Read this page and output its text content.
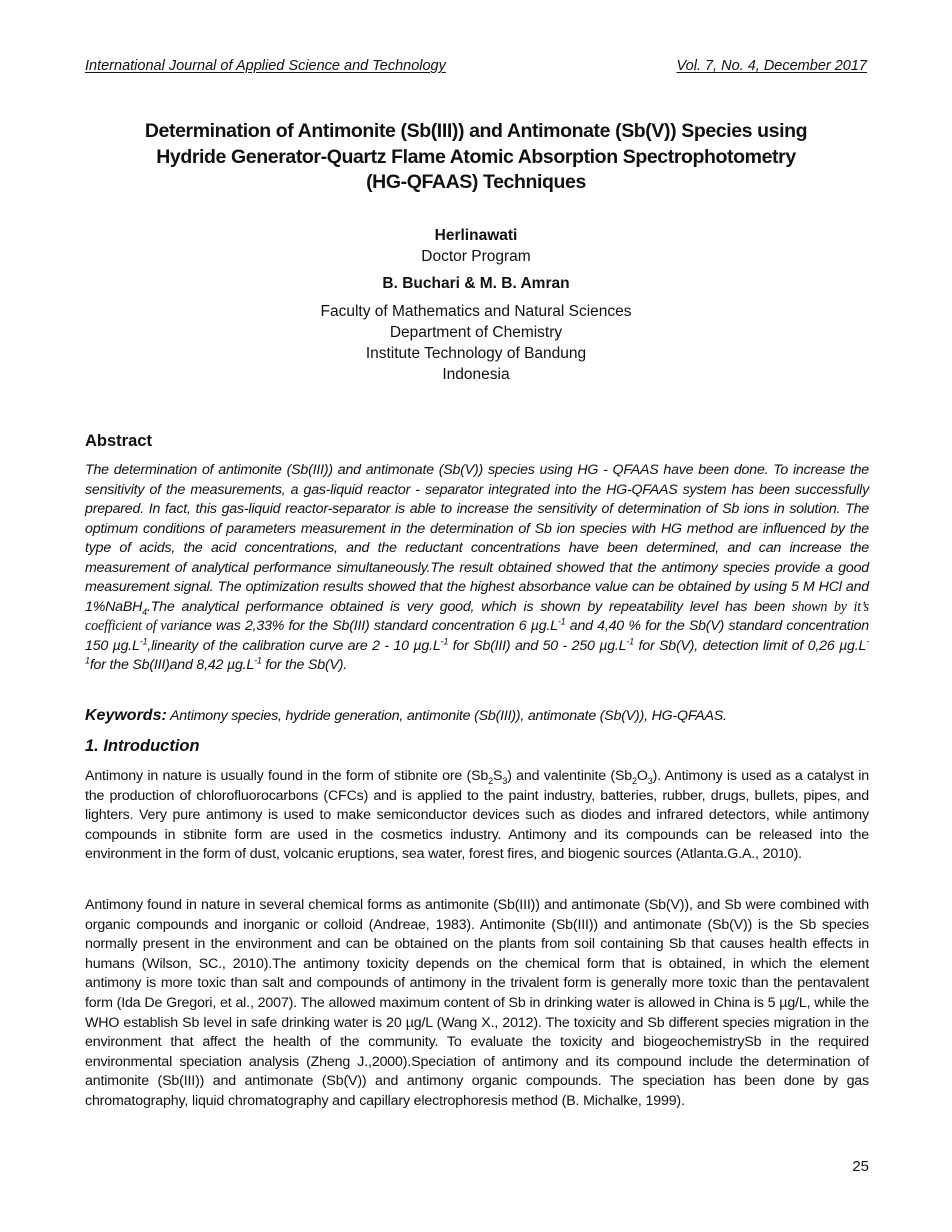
International Journal of Applied Science and Technology	Vol. 7, No. 4, December 2017
Determination of Antimonite (Sb(III)) and Antimonate (Sb(V)) Species using
Hydride Generator-Quartz Flame Atomic Absorption Spectrophotometry
(HG-QFAAS) Techniques
Herlinawati
Doctor Program
B. Buchari & M. B. Amran
Faculty of Mathematics and Natural Sciences
Department of Chemistry
Institute Technology of Bandung
Indonesia
Abstract
The determination of antimonite (Sb(III)) and antimonate (Sb(V)) species using HG - QFAAS have been done. To increase the sensitivity of the measurements, a gas-liquid reactor - separator integrated into the HG-QFAAS system has been successfully prepared. In fact, this gas-liquid reactor-separator is able to increase the sensitivity of determination of Sb ions in solution. The optimum conditions of parameters measurement in the determination of Sb ion species with HG method are influenced by the type of acids, the acid concentrations, and the reductant concentrations have been determined, and can increase the measurement of analytical performance simultaneously.The result obtained showed that the antimony species provide a good measurement signal. The optimization results showed that the highest absorbance value can be obtained by using 5 M HCl and 1%NaBH$_4$.The analytical performance obtained is very good, which is shown by repeatability level has been shown by it’s coefficient of variance was 2,33% for the Sb(III) standard concentration 6 $\mu g.L^{-1}$ and 4,40 % for the Sb(V) standard concentration 150 $\mu g.L^{-1},linearity$ of the calibration curve are 2 - 10 $\mu g.L^{-1}$ for Sb(III) and 50 - 250 $\mu g.L^{-1}$ for Sb(V), detection limit of 0,26 $\mu g.L^{-1}for$ the Sb(III)and 8,42 $\mu g.L^{-1}$ for the Sb(V).
Keywords: Antimony species, hydride generation, antimonite (Sb(III)), antimonate (Sb(V)), HG-QFAAS.
1. Introduction
Antimony in nature is usually found in the form of stibnite ore $(Sb_2S_3)$ and valentinite $(Sb_2O_3)$. Antimony is used as a catalyst in the production of chlorofluorocarbons (CFCs) and is applied to the paint industry, batteries, rubber, drugs, bullets, pipes, and lighters. Very pure antimony is used to make semiconductor devices such as diodes and infrared detectors, while antimony compounds in stibnite form are used in the cosmetics industry. Antimony and its compounds can be released into the environment in the form of dust, volcanic eruptions, sea water, forest fires, and biogenic sources (Atlanta.G.A., 2010).
Antimony found in nature in several chemical forms as antimonite (Sb(III)) and antimonate (Sb(V)), and Sb were combined with organic compounds and inorganic or colloid (Andreae, 1983). Antimonite (Sb(III)) and antimonate (Sb(V)) is the Sb species normally present in the environment and can be obtained on the plants from soil containing Sb that causes health effects in humans (Wilson, SC., 2010).The antimony toxicity depends on the chemical form that is obtained, in which the element antimony is more toxic than salt and compounds of antimony in the trivalent form is generally more toxic than the pentavalent form (Ida De Gregori, et al., 2007). The allowed maximum content of Sb in drinking water is allowed in China is 5 µg/L, while the WHO establish Sb level in safe drinking water is 20 µg/L (Wang X., 2012). The toxicity and Sb different species migration in the environment that affect the health of the community. To evaluate the toxicity and biogeochemistrySb in the required environmental speciation analysis (Zheng J.,2000).Speciation of antimony and its compound include the determination of antimonite (Sb(III)) and antimonate (Sb(V)) and antimony organic compounds. The speciation has been done by gas chromatography, liquid chromatography and capillary electrophoresis method (B. Michalke, 1999).
25
